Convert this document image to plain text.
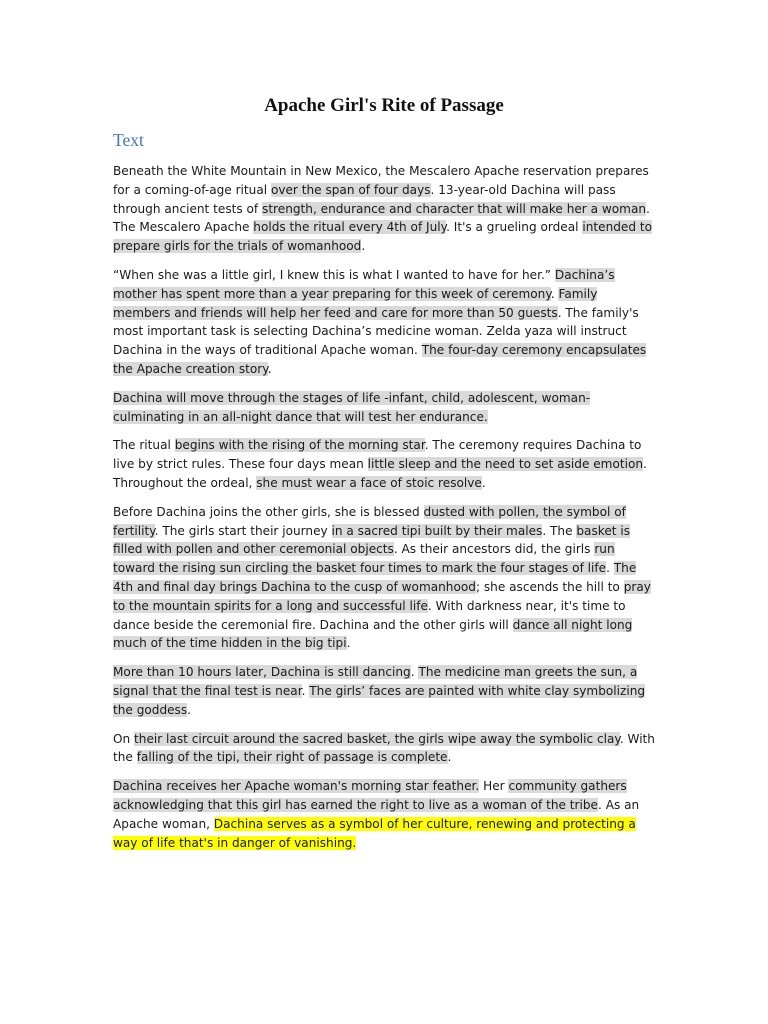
Apache Girl's Rite of Passage
Text

Beneath the White Mountain in New Mexico, the Mescalero Apache reservation prepares for a coming-of-age ritual over the span of four days. 13-year-old Dachina will pass through ancient tests of strength, endurance and character that will make her a woman. The Mescalero Apache holds the ritual every 4th of July. It's a grueling ordeal intended to prepare girls for the trials of womanhood.

“When she was a little girl, I knew this is what I wanted to have for her.” Dachina’s mother has spent more than a year preparing for this week of ceremony. Family members and friends will help her feed and care for more than 50 guests. The family's most important task is selecting Dachina’s medicine woman. Zelda yaza will instruct Dachina in the ways of traditional Apache woman. The four-day ceremony encapsulates the Apache creation story.

Dachina will move through the stages of life -infant, child, adolescent, woman- culminating in an all-night dance that will test her endurance.

The ritual begins with the rising of the morning star. The ceremony requires Dachina to live by strict rules. These four days mean little sleep and the need to set aside emotion. Throughout the ordeal, she must wear a face of stoic resolve.

Before Dachina joins the other girls, she is blessed dusted with pollen, the symbol of fertility. The girls start their journey in a sacred tipi built by their males. The basket is filled with pollen and other ceremonial objects. As their ancestors did, the girls run toward the rising sun circling the basket four times to mark the four stages of life. The 4th and final day brings Dachina to the cusp of womanhood; she ascends the hill to pray to the mountain spirits for a long and successful life. With darkness near, it's time to dance beside the ceremonial fire. Dachina and the other girls will dance all night long much of the time hidden in the big tipi.

More than 10 hours later, Dachina is still dancing. The medicine man greets the sun, a signal that the final test is near. The girls’ faces are painted with white clay symbolizing the goddess.

On their last circuit around the sacred basket, the girls wipe away the symbolic clay. With the falling of the tipi, their right of passage is complete.

Dachina receives her Apache woman's morning star feather. Her community gathers acknowledging that this girl has earned the right to live as a woman of the tribe. As an Apache woman, Dachina serves as a symbol of her culture, renewing and protecting a way of life that's in danger of vanishing.
